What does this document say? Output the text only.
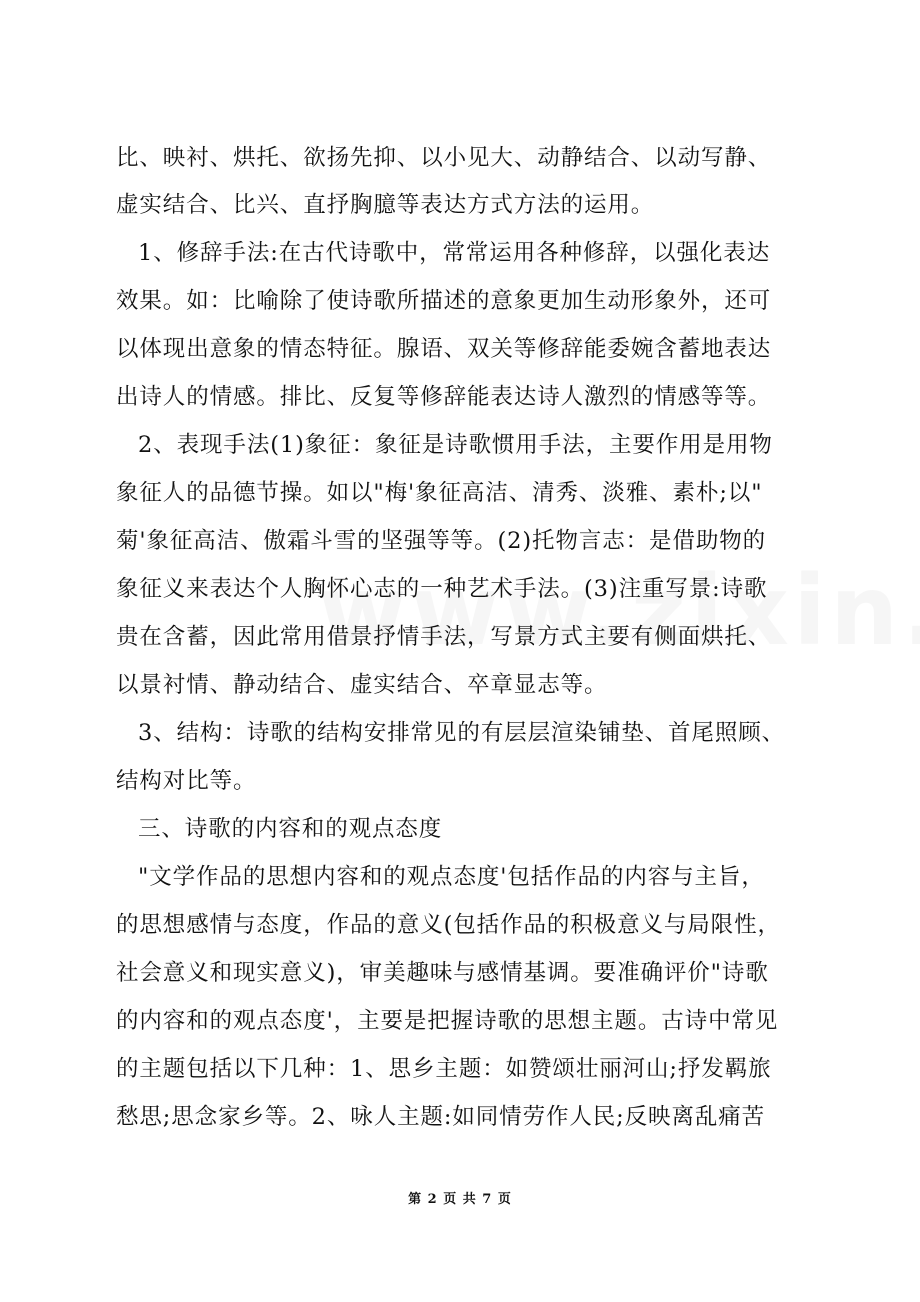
比、映衬、烘托、欲扬先抑、以小见大、动静结合、以动写静、
虚实结合、比兴、直抒胸臆等表达方式方法的运用。
1、修辞手法:在古代诗歌中，常常运用各种修辞，以强化表达
效果。如：比喻除了使诗歌所描述的意象更加生动形象外，还可
以体现出意象的情态特征。腺语、双关等修辞能委婉含蓄地表达
出诗人的情感。排比、反复等修辞能表达诗人激烈的情感等等。
2、表现手法(1)象征：象征是诗歌惯用手法，主要作用是用物
象征人的品德节操。如以"梅'象征高洁、清秀、淡雅、素朴;以"
菊'象征高洁、傲霜斗雪的坚强等等。(2)托物言志：是借助物的
象征义来表达个人胸怀心志的一种艺术手法。(3)注重写景:诗歌
贵在含蓄，因此常用借景抒情手法，写景方式主要有侧面烘托、
以景衬情、静动结合、虚实结合、卒章显志等。
3、结构：诗歌的结构安排常见的有层层渲染铺垫、首尾照顾、
结构对比等。
三、诗歌的内容和的观点态度
"文学作品的思想内容和的观点态度'包括作品的内容与主旨，
的思想感情与态度，作品的意义(包括作品的积极意义与局限性，
社会意义和现实意义)，审美趣味与感情基调。要准确评价"诗歌
的内容和的观点态度'，主要是把握诗歌的思想主题。古诗中常见
的主题包括以下几种：1、思乡主题：如赞颂壮丽河山;抒发羁旅
愁思;思念家乡等。2、咏人主题:如同情劳作人民;反映离乱痛苦
第 2 页 共 7 页
